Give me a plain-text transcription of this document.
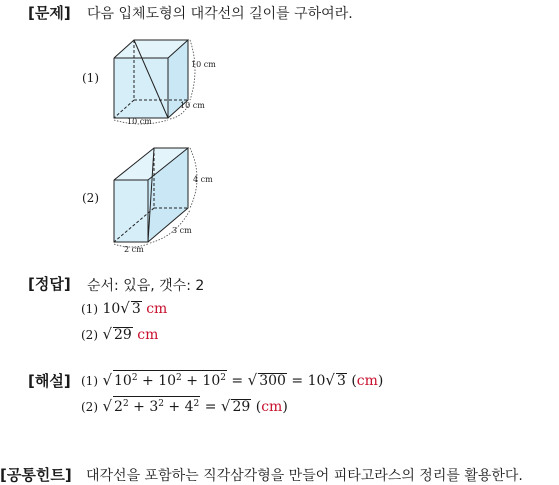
[문제] 다음 입체도형의 대각선의 길이를 구하여라.
(1)
10 cm
10 cm
10 cm
(2)
4 cm
3 cm
2 cm
[정답] 순서: 있음, 갯수: 2
(1) 10√ 3 cm
(2) √ 29 cm
[해설] (1) √ $10^2 + 10^2 + 10^2$ = √ 300 = 10√ 3 (cm)
(2) √ $2^2 + 3^2 + 4^2$ = √ 29 (cm)
[공통힌트] 대각선을 포함하는 직각삼각형을 만들어 피타고라스의 정리를 활용한다.
